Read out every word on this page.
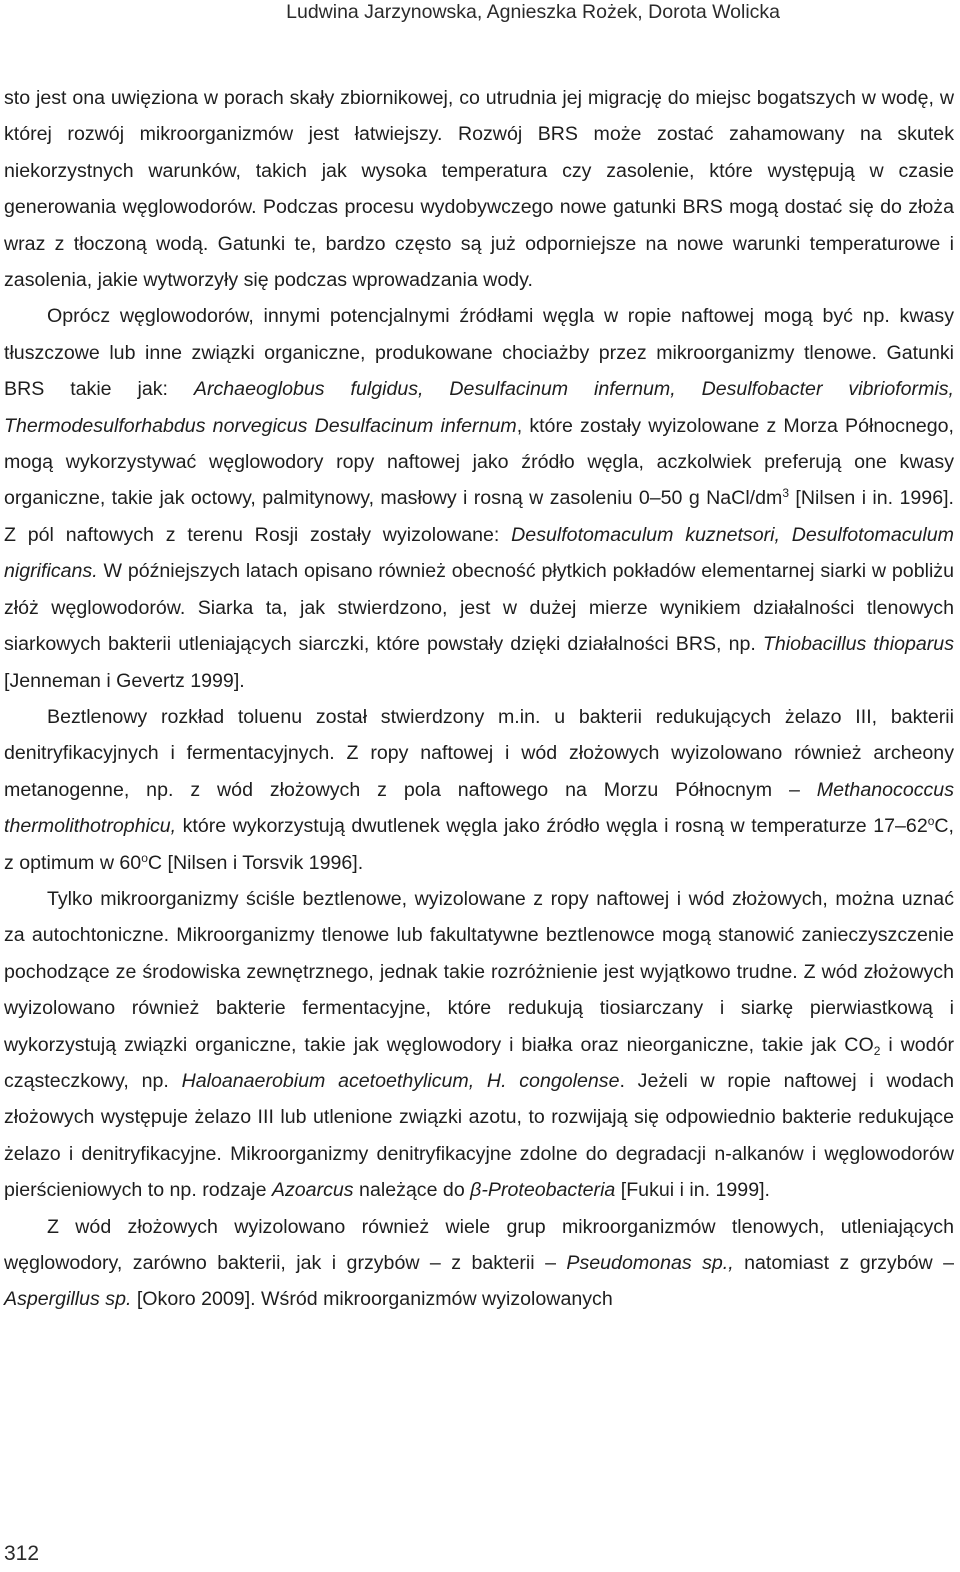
Ludwina Jarzynowska, Agnieszka Rożek, Dorota Wolicka

sto jest ona uwięziona w porach skały zbiornikowej, co utrudnia jej migrację do miejsc bogatszych w wodę, w której rozwój mikroorganizmów jest łatwiejszy. Rozwój BRS może zostać zahamowany na skutek niekorzystnych warunków, takich jak wysoka temperatura czy zasolenie, które występują w czasie generowania węglowodorów. Podczas procesu wydobywczego nowe gatunki BRS mogą dostać się do złoża wraz z tłoczoną wodą. Gatunki te, bardzo często są już odporniejsze na nowe warunki temperaturowe i zasolenia, jakie wytworzyły się podczas wprowadzania wody.

Oprócz węglowodorów, innymi potencjalnymi źródłami węgla w ropie naftowej mogą być np. kwasy tłuszczowe lub inne związki organiczne, produkowane chociażby przez mikroorganizmy tlenowe. Gatunki BRS takie jak: Archaeoglobus fulgidus, Desulfacinum infernum, Desulfobacter vibrioformis, Thermodesulforhabdus norvegicus Desulfacinum infernum, które zostały wyizolowane z Morza Północnego, mogą wykorzystywać węglowodory ropy naftowej jako źródło węgla, aczkolwiek preferują one kwasy organiczne, takie jak octowy, palmitynowy, masłowy i rosną w zasoleniu 0–50 g NaCl/$dm^3$ [Nilsen i in. 1996]. Z pól naftowych z terenu Rosji zostały wyizolowane: Desulfotomaculum kuznetsori, Desulfotomaculum nigrificans. W późniejszych latach opisano również obecność płytkich pokładów elementarnej siarki w pobliżu złóż węglowodorów. Siarka ta, jak stwierdzono, jest w dużej mierze wynikiem działalności tlenowych siarkowych bakterii utleniających siarczki, które powstały dzięki działalności BRS, np. Thiobacillus thioparus [Jenneman i Gevertz 1999].

Beztlenowy rozkład toluenu został stwierdzony m.in. u bakterii redukujących żelazo III, bakterii denitryfikacyjnych i fermentacyjnych. Z ropy naftowej i wód złożowych wyizolowano również archeony metanogenne, np. z wód złożowych z pola naftowego na Morzu Północnym – Methanococcus thermolithotrophicu, które wykorzystują dwutlenek węgla jako źródło węgla i rosną w temperaturze 17–62$^o$C, z optimum w 60$^o$C [Nilsen i Torsvik 1996].

Tylko mikroorganizmy ściśle beztlenowe, wyizolowane z ropy naftowej i wód złożowych, można uznać za autochtoniczne. Mikroorganizmy tlenowe lub fakultatywne beztlenowce mogą stanowić zanieczyszczenie pochodzące ze środowiska zewnętrznego, jednak takie rozróżnienie jest wyjątkowo trudne. Z wód złożowych wyizolowano również bakterie fermentacyjne, które redukują tiosiarczany i siarkę pierwiastkową i wykorzystują związki organiczne, takie jak węglowodory i białka oraz nieorganiczne, takie jak $CO_2$ i wodór cząsteczkowy, np. Haloanaerobium acetoethylicum, H. congolense. Jeżeli w ropie naftowej i wodach złożowych występuje żelazo III lub utlenione związki azotu, to rozwijają się odpowiednio bakterie redukujące żelazo i denitryfikacyjne. Mikroorganizmy denitryfikacyjne zdolne do degradacji n-alkanów i węglowodorów pierścieniowych to np. rodzaje Azoarcus należące do β-Proteobacteria [Fukui i in. 1999].

Z wód złożowych wyizolowano również wiele grup mikroorganizmów tlenowych, utleniających węglowodory, zarówno bakterii, jak i grzybów – z bakterii – Pseudomonas sp., natomiast z grzybów – Aspergillus sp. [Okoro 2009]. Wśród mikroorganizmów wyizolowanych

312
